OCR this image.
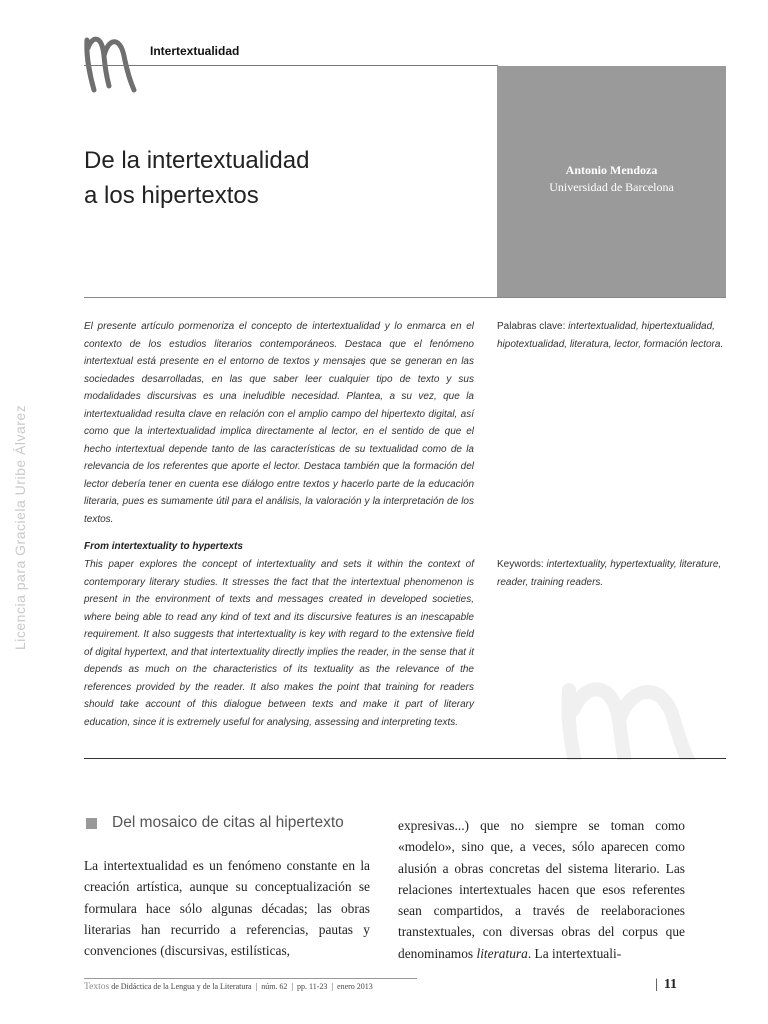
Intertextualidad
Antonio Mendoza
Universidad de Barcelona
De la intertextualidad
a los hipertextos
El presente artículo pormenoriza el concepto de intertextualidad y lo enmarca en el contexto de los estudios literarios contemporáneos. Destaca que el fenómeno intertextual está presente en el entorno de textos y mensajes que se generan en las sociedades desarrolladas, en las que saber leer cualquier tipo de texto y sus modalidades discursivas es una ineludible necesidad. Plantea, a su vez, que la intertextualidad resulta clave en relación con el amplio campo del hipertexto digital, así como que la intertextualidad implica directamente al lector, en el sentido de que el hecho intertextual depende tanto de las características de su textualidad como de la relevancia de los referentes que aporte el lector. Destaca también que la formación del lector debería tener en cuenta ese diálogo entre textos y hacerlo parte de la educación literaria, pues es sumamente útil para el análisis, la valoración y la interpretación de los textos.
Palabras clave: intertextualidad, hipertextualidad, hipotextualidad, literatura, lector, formación lectora.
From intertextuality to hypertexts
This paper explores the concept of intertextuality and sets it within the context of contemporary literary studies. It stresses the fact that the intertextual phenomenon is present in the environment of texts and messages created in developed societies, where being able to read any kind of text and its discursive features is an inescapable requirement. It also suggests that intertextuality is key with regard to the extensive field of digital hypertext, and that intertextuality directly implies the reader, in the sense that it depends as much on the characteristics of its textuality as the relevance of the references provided by the reader. It also makes the point that training for readers should take account of this dialogue between texts and make it part of literary education, since it is extremely useful for analysing, assessing and interpreting texts.
Keywords: intertextuality, hypertextuality, literature, reader, training readers.
Licencia para Graciela Uribe Álvarez
Del mosaico de citas al hipertexto
La intertextualidad es un fenómeno constante en la creación artística, aunque su conceptualización se formulara hace sólo algunas décadas; las obras literarias han recurrido a referencias, pautas y convenciones (discursivas, estilísticas,
expresivas...) que no siempre se toman como «modelo», sino que, a veces, sólo aparecen como alusión a obras concretas del sistema literario. Las relaciones intertextuales hacen que esos referentes sean compartidos, a través de reelaboraciones transtextuales, con diversas obras del corpus que denominamos literatura. La intertextuali-
Textos de Didáctica de la Lengua y de la Literatura  |  núm. 62  |  pp. 11-23  |  enero 2013	| 11
